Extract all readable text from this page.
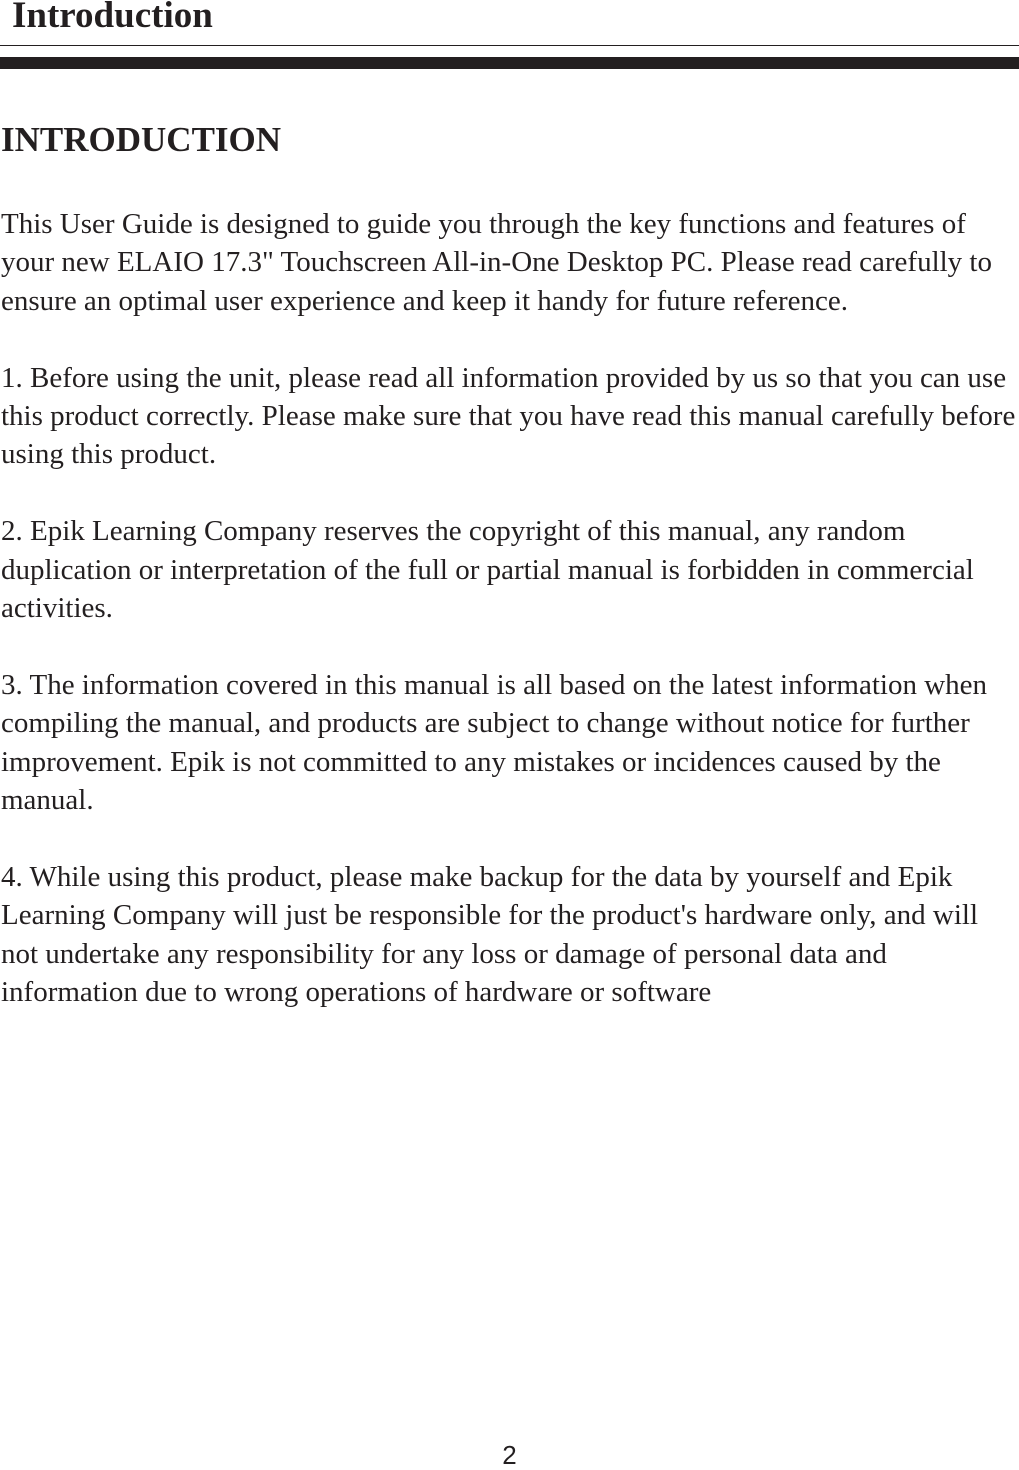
Introduction
INTRODUCTION

This User Guide is designed to guide you through the key functions and features of your new ELAIO 17.3" Touchscreen All-in-One Desktop PC. Please read carefully to ensure an optimal user experience and keep it handy for future reference.

1. Before using the unit, please read all information provided by us so that you can use this product correctly. Please make sure that you have read this manual carefully before using this product.

2. Epik Learning Company reserves the copyright of this manual, any random duplication or interpretation of the full or partial manual is forbidden in commercial activities.

3. The information covered in this manual is all based on the latest information when compiling the manual, and products are subject to change without notice for further improvement. Epik is not committed to any mistakes or incidences caused by the manual.

4. While using this product, please make backup for the data by yourself and Epik Learning Company will just be responsible for the product's hardware only, and will not undertake any responsibility for any loss or damage of personal data and information due to wrong operations of hardware or software

2
